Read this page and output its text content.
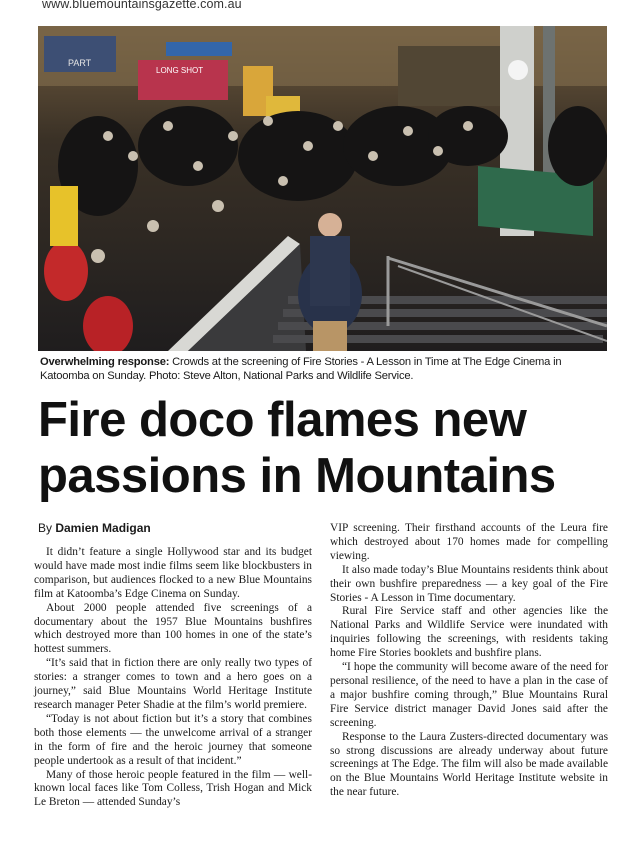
www.bluemountainsgazette.com.au
PART
LONG SHOT
Overwhelming response: Crowds at the screening of Fire Stories - A Lesson in Time at The Edge Cinema in Katoomba on Sunday. Photo: Steve Alton, National Parks and Wildlife Service.
Fire doco flames new
passions in Mountains
By Damien Madigan

It didn’t feature a single Hollywood star and its budget would have made most indie films seem like blockbusters in comparison, but audiences flocked to a new Blue Mountains film at Katoomba’s Edge Cinema on Sunday.

About 2000 people attended five screenings of a documentary about the 1957 Blue Mountains bushfires which destroyed more than 100 homes in one of the state’s hottest summers.

“It’s said that in fiction there are only really two types of stories: a stranger comes to town and a hero goes on a journey,” said Blue Mountains World Heritage Institute research manager Peter Shadie at the film’s world premiere.

“Today is not about fiction but it’s a story that combines both those elements — the unwelcome arrival of a stranger in the form of fire and the heroic journey that someone people undertook as a result of that incident.”

Many of those heroic people featured in the film — well-known local faces like Tom Colless, Trish Hogan and Mick Le Breton — attended Sunday’s

VIP screening. Their firsthand accounts of the Leura fire which destroyed about 170 homes made for compelling viewing.

It also made today’s Blue Mountains residents think about their own bushfire preparedness — a key goal of the Fire Stories - A Lesson in Time documentary.

Rural Fire Service staff and other agencies like the National Parks and Wildlife Service were inundated with inquiries following the screenings, with residents taking home Fire Stories booklets and bushfire plans.

“I hope the community will become aware of the need for personal resilience, of the need to have a plan in the case of a major bushfire coming through,” Blue Mountains Rural Fire Service district manager David Jones said after the screening.

Response to the Laura Zusters-directed documentary was so strong discussions are already underway about future screenings at The Edge. The film will also be made available on the Blue Mountains World Heritage Institute website in the near future.
